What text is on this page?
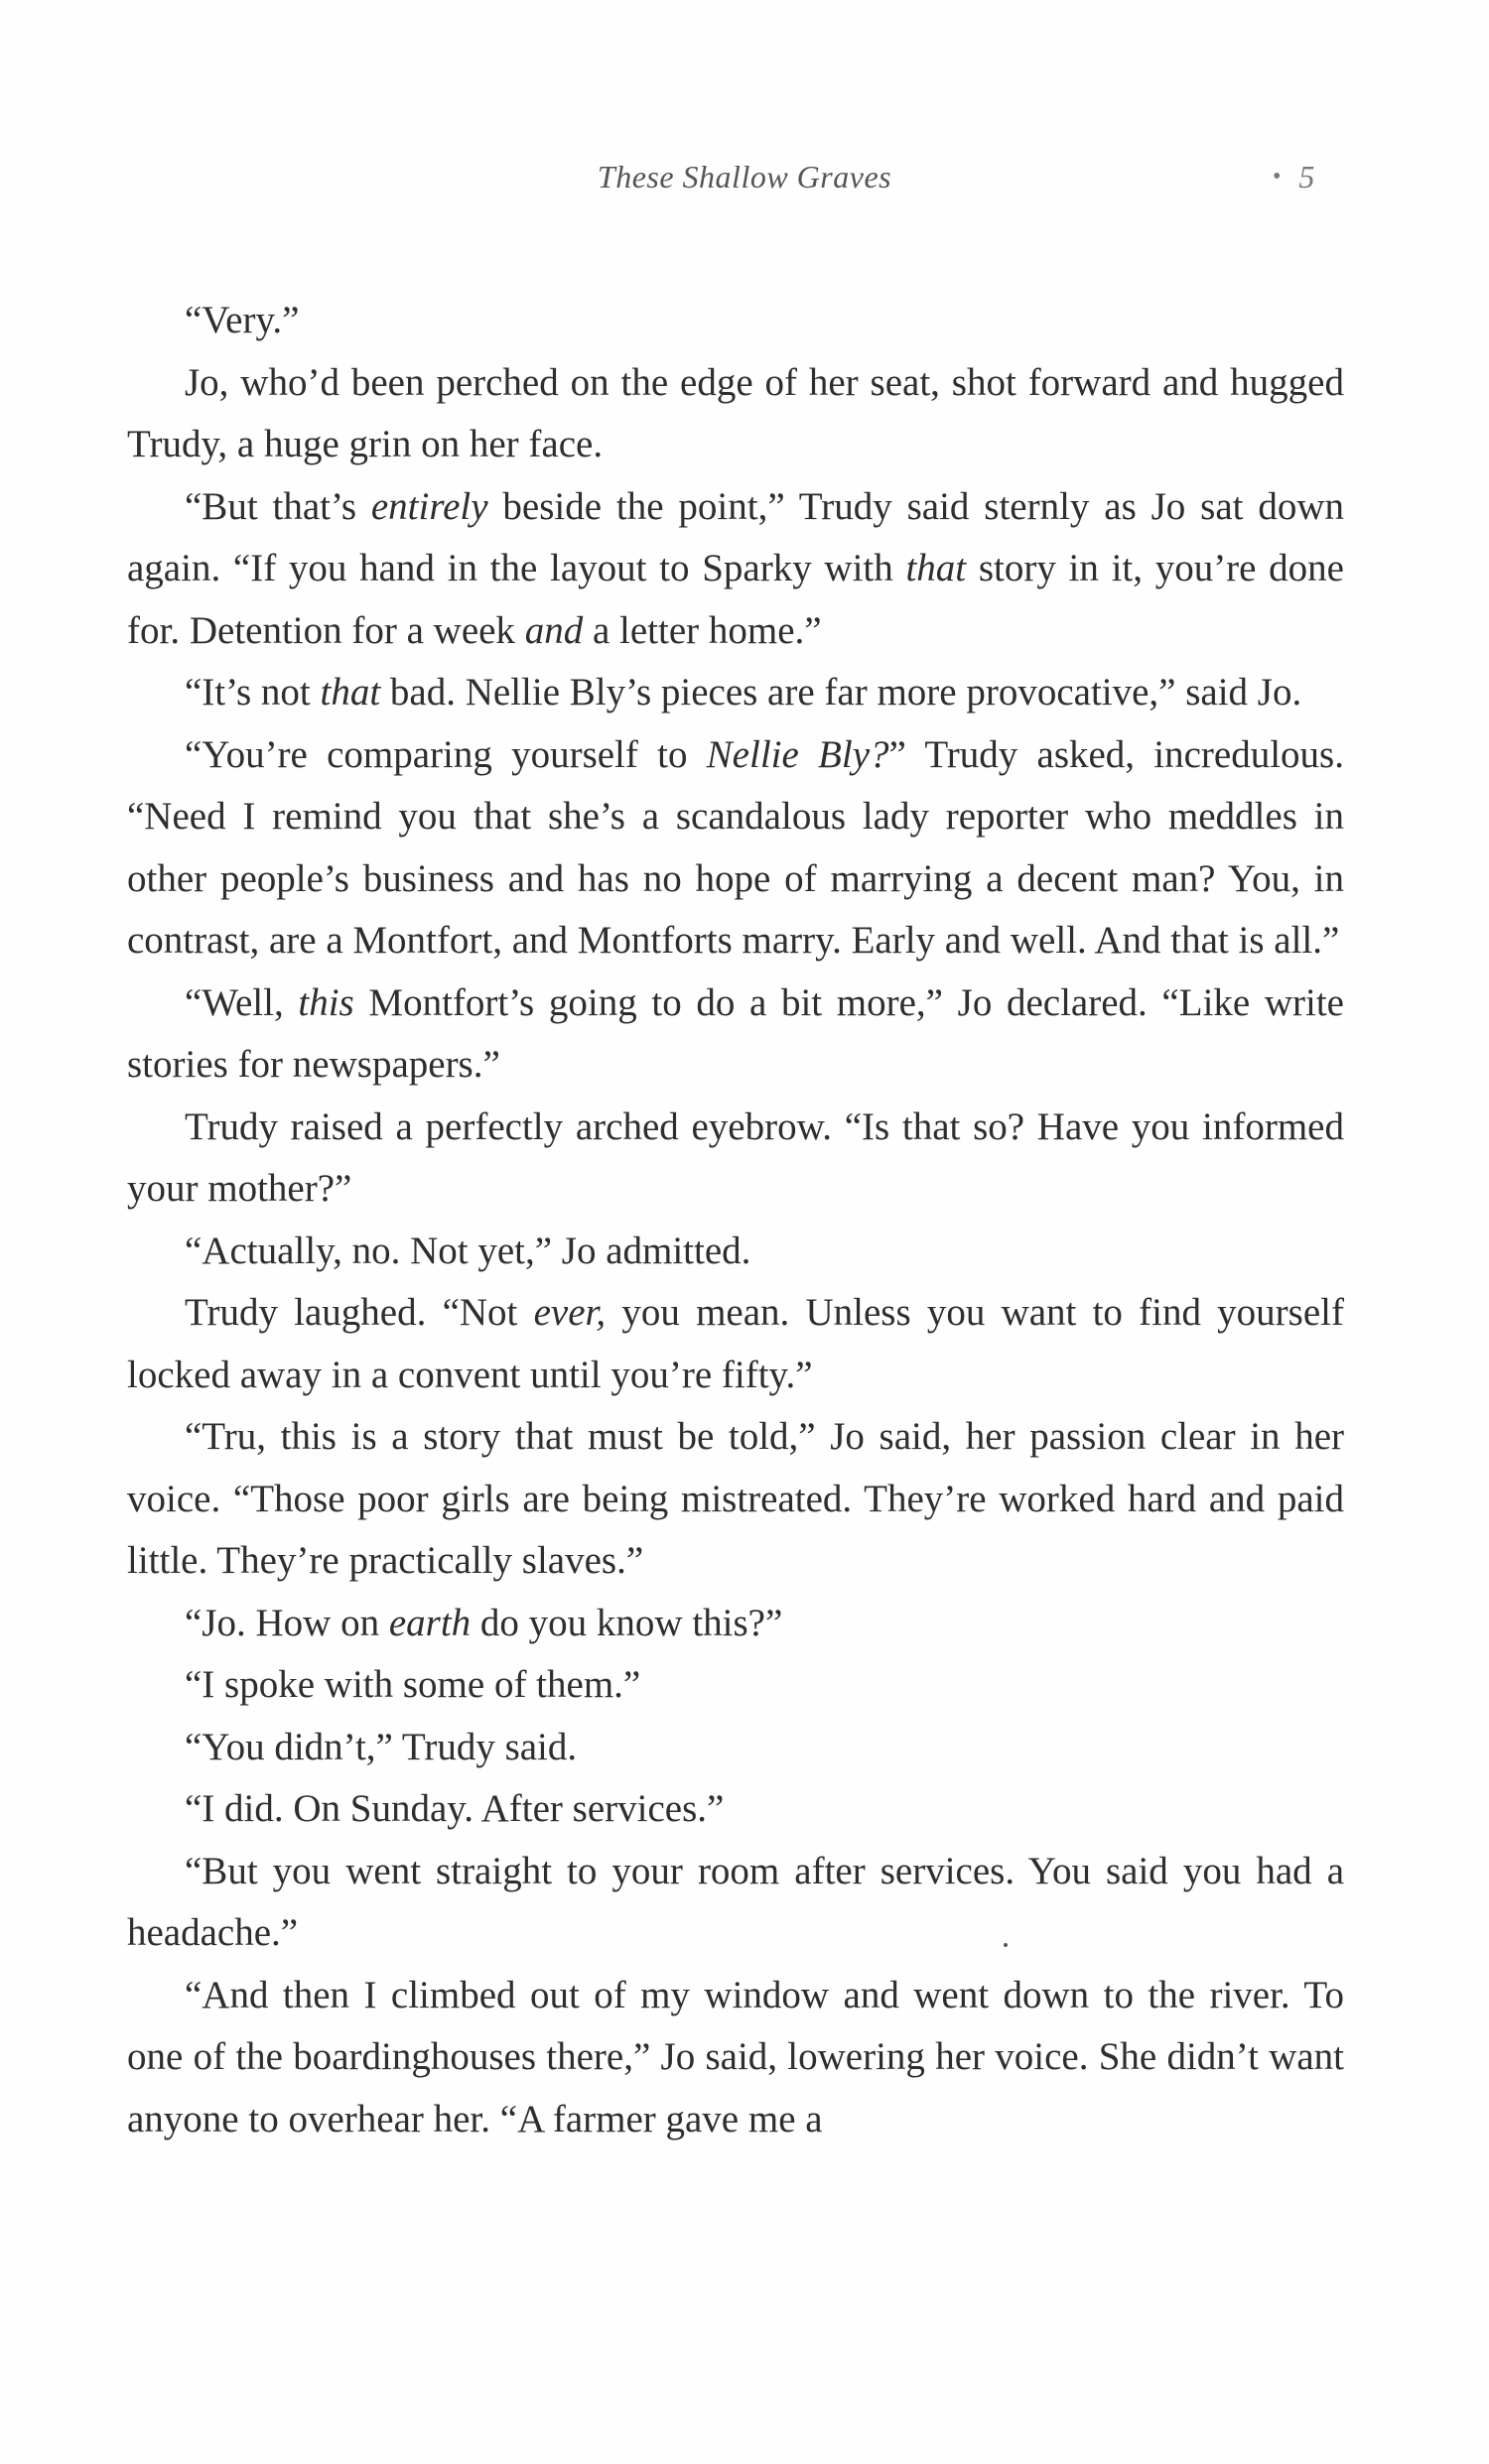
These Shallow Graves	• 5

“Very.”

Jo, who’d been perched on the edge of her seat, shot forward and hugged Trudy, a huge grin on her face.

“But that’s entirely beside the point,” Trudy said sternly as Jo sat down again. “If you hand in the layout to Sparky with that story in it, you’re done for. Detention for a week and a letter home.”

“It’s not that bad. Nellie Bly’s pieces are far more provocative,” said Jo.

“You’re comparing yourself to Nellie Bly?” Trudy asked, incredulous. “Need I remind you that she’s a scandalous lady reporter who meddles in other people’s business and has no hope of marrying a decent man? You, in contrast, are a Montfort, and Montforts marry. Early and well. And that is all.”

“Well, this Montfort’s going to do a bit more,” Jo declared. “Like write stories for newspapers.”

Trudy raised a perfectly arched eyebrow. “Is that so? Have you informed your mother?”

“Actually, no. Not yet,” Jo admitted.

Trudy laughed. “Not ever, you mean. Unless you want to find yourself locked away in a convent until you’re fifty.”

“Tru, this is a story that must be told,” Jo said, her passion clear in her voice. “Those poor girls are being mistreated. They’re worked hard and paid little. They’re practically slaves.”

“Jo. How on earth do you know this?”

“I spoke with some of them.”

“You didn’t,” Trudy said.

“I did. On Sunday. After services.”

“But you went straight to your room after services. You said you had a headache.”

“And then I climbed out of my window and went down to the river. To one of the boardinghouses there,” Jo said, lowering her voice. She didn’t want anyone to overhear her. “A farmer gave me a
